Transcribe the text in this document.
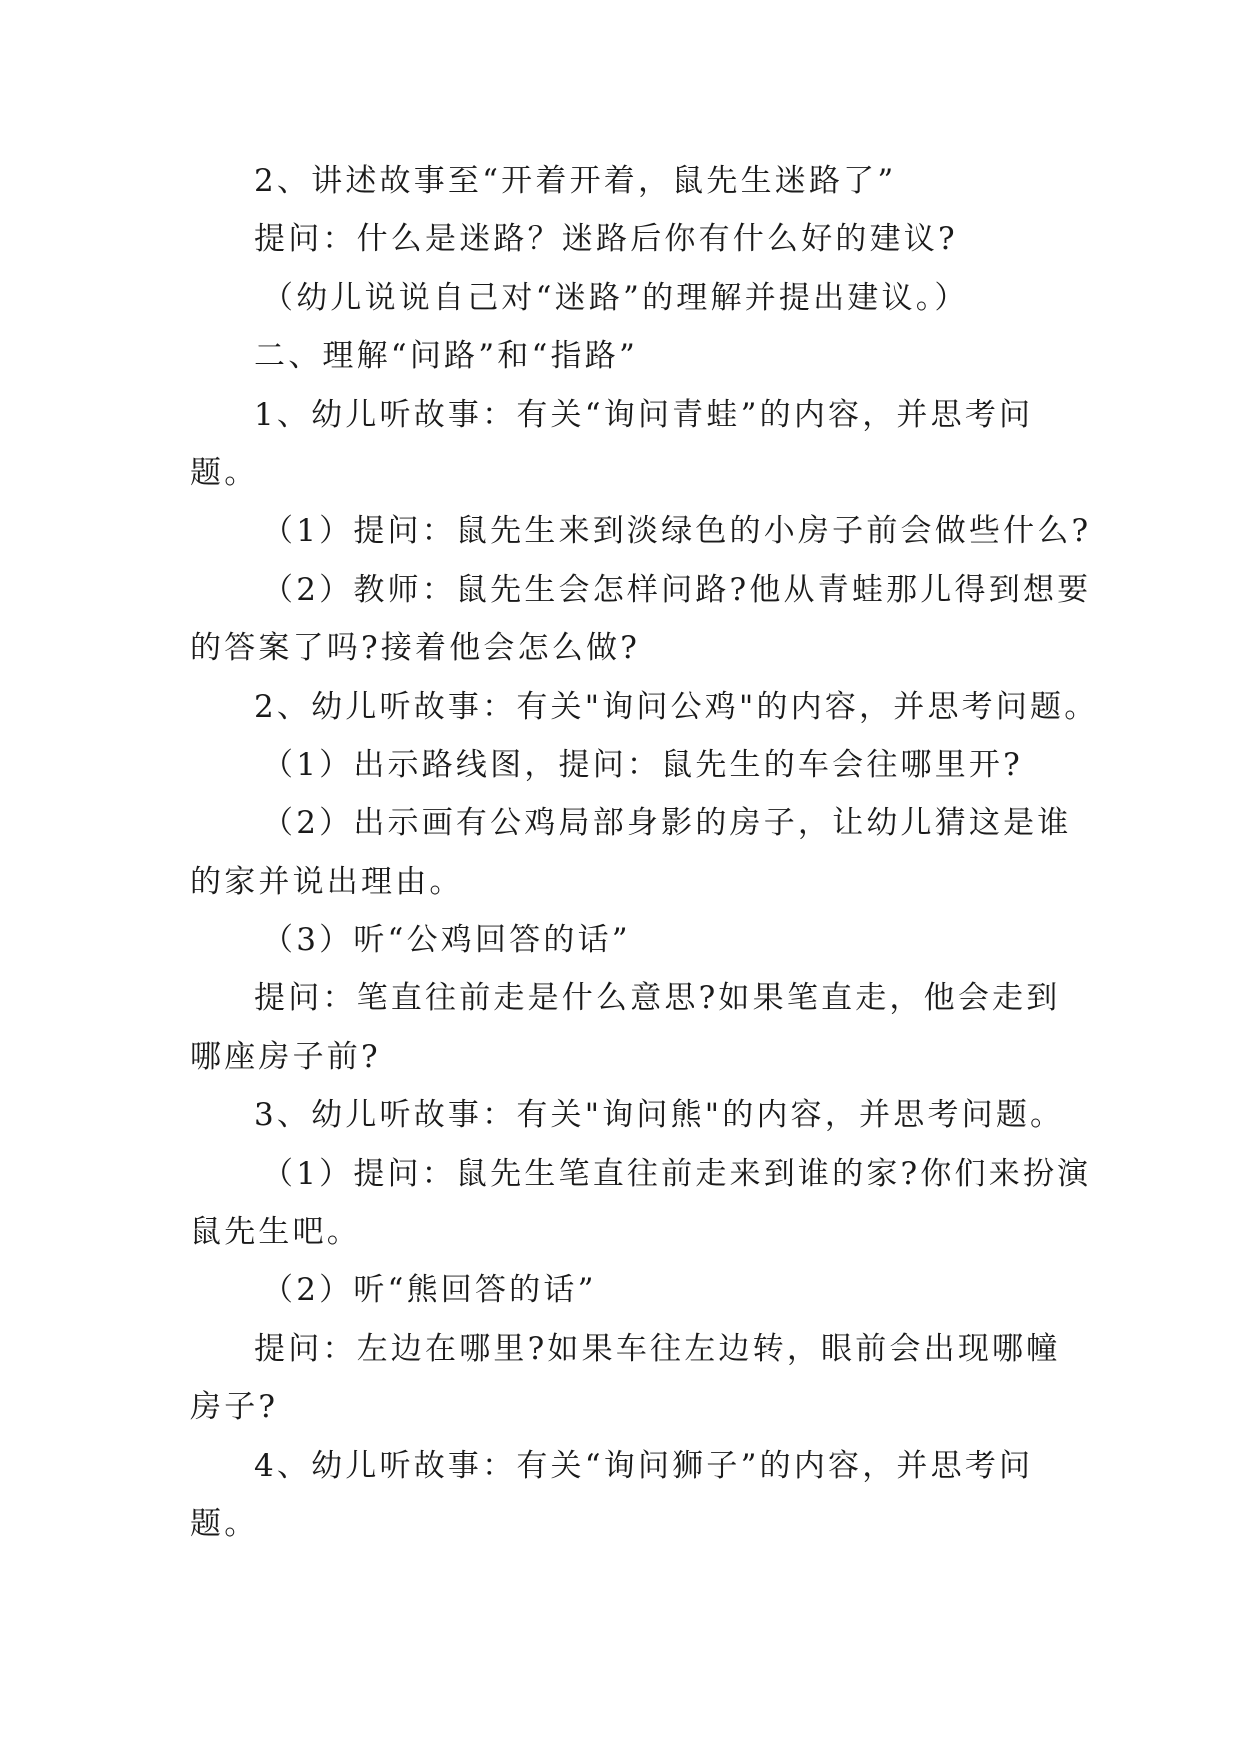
2、讲述故事至“开着开着，鼠先生迷路了”
提问：什么是迷路？迷路后你有什么好的建议?
（幼儿说说自己对“迷路”的理解并提出建议。）
二、理解“问路”和“指路”
1、幼儿听故事：有关“询问青蛙”的内容，并思考问
题。
（1）提问：鼠先生来到淡绿色的小房子前会做些什么?
（2）教师：鼠先生会怎样问路?他从青蛙那儿得到想要
的答案了吗?接着他会怎么做?
2、幼儿听故事：有关"询问公鸡"的内容，并思考问题。
（1）出示路线图，提问：鼠先生的车会往哪里开?
（2）出示画有公鸡局部身影的房子，让幼儿猜这是谁
的家并说出理由。
（3）听“公鸡回答的话”
提问：笔直往前走是什么意思?如果笔直走，他会走到
哪座房子前?
3、幼儿听故事：有关"询问熊"的内容，并思考问题。
（1）提问：鼠先生笔直往前走来到谁的家?你们来扮演
鼠先生吧。
（2）听“熊回答的话”
提问：左边在哪里?如果车往左边转，眼前会出现哪幢
房子?
4、幼儿听故事：有关“询问狮子”的内容，并思考问
题。
